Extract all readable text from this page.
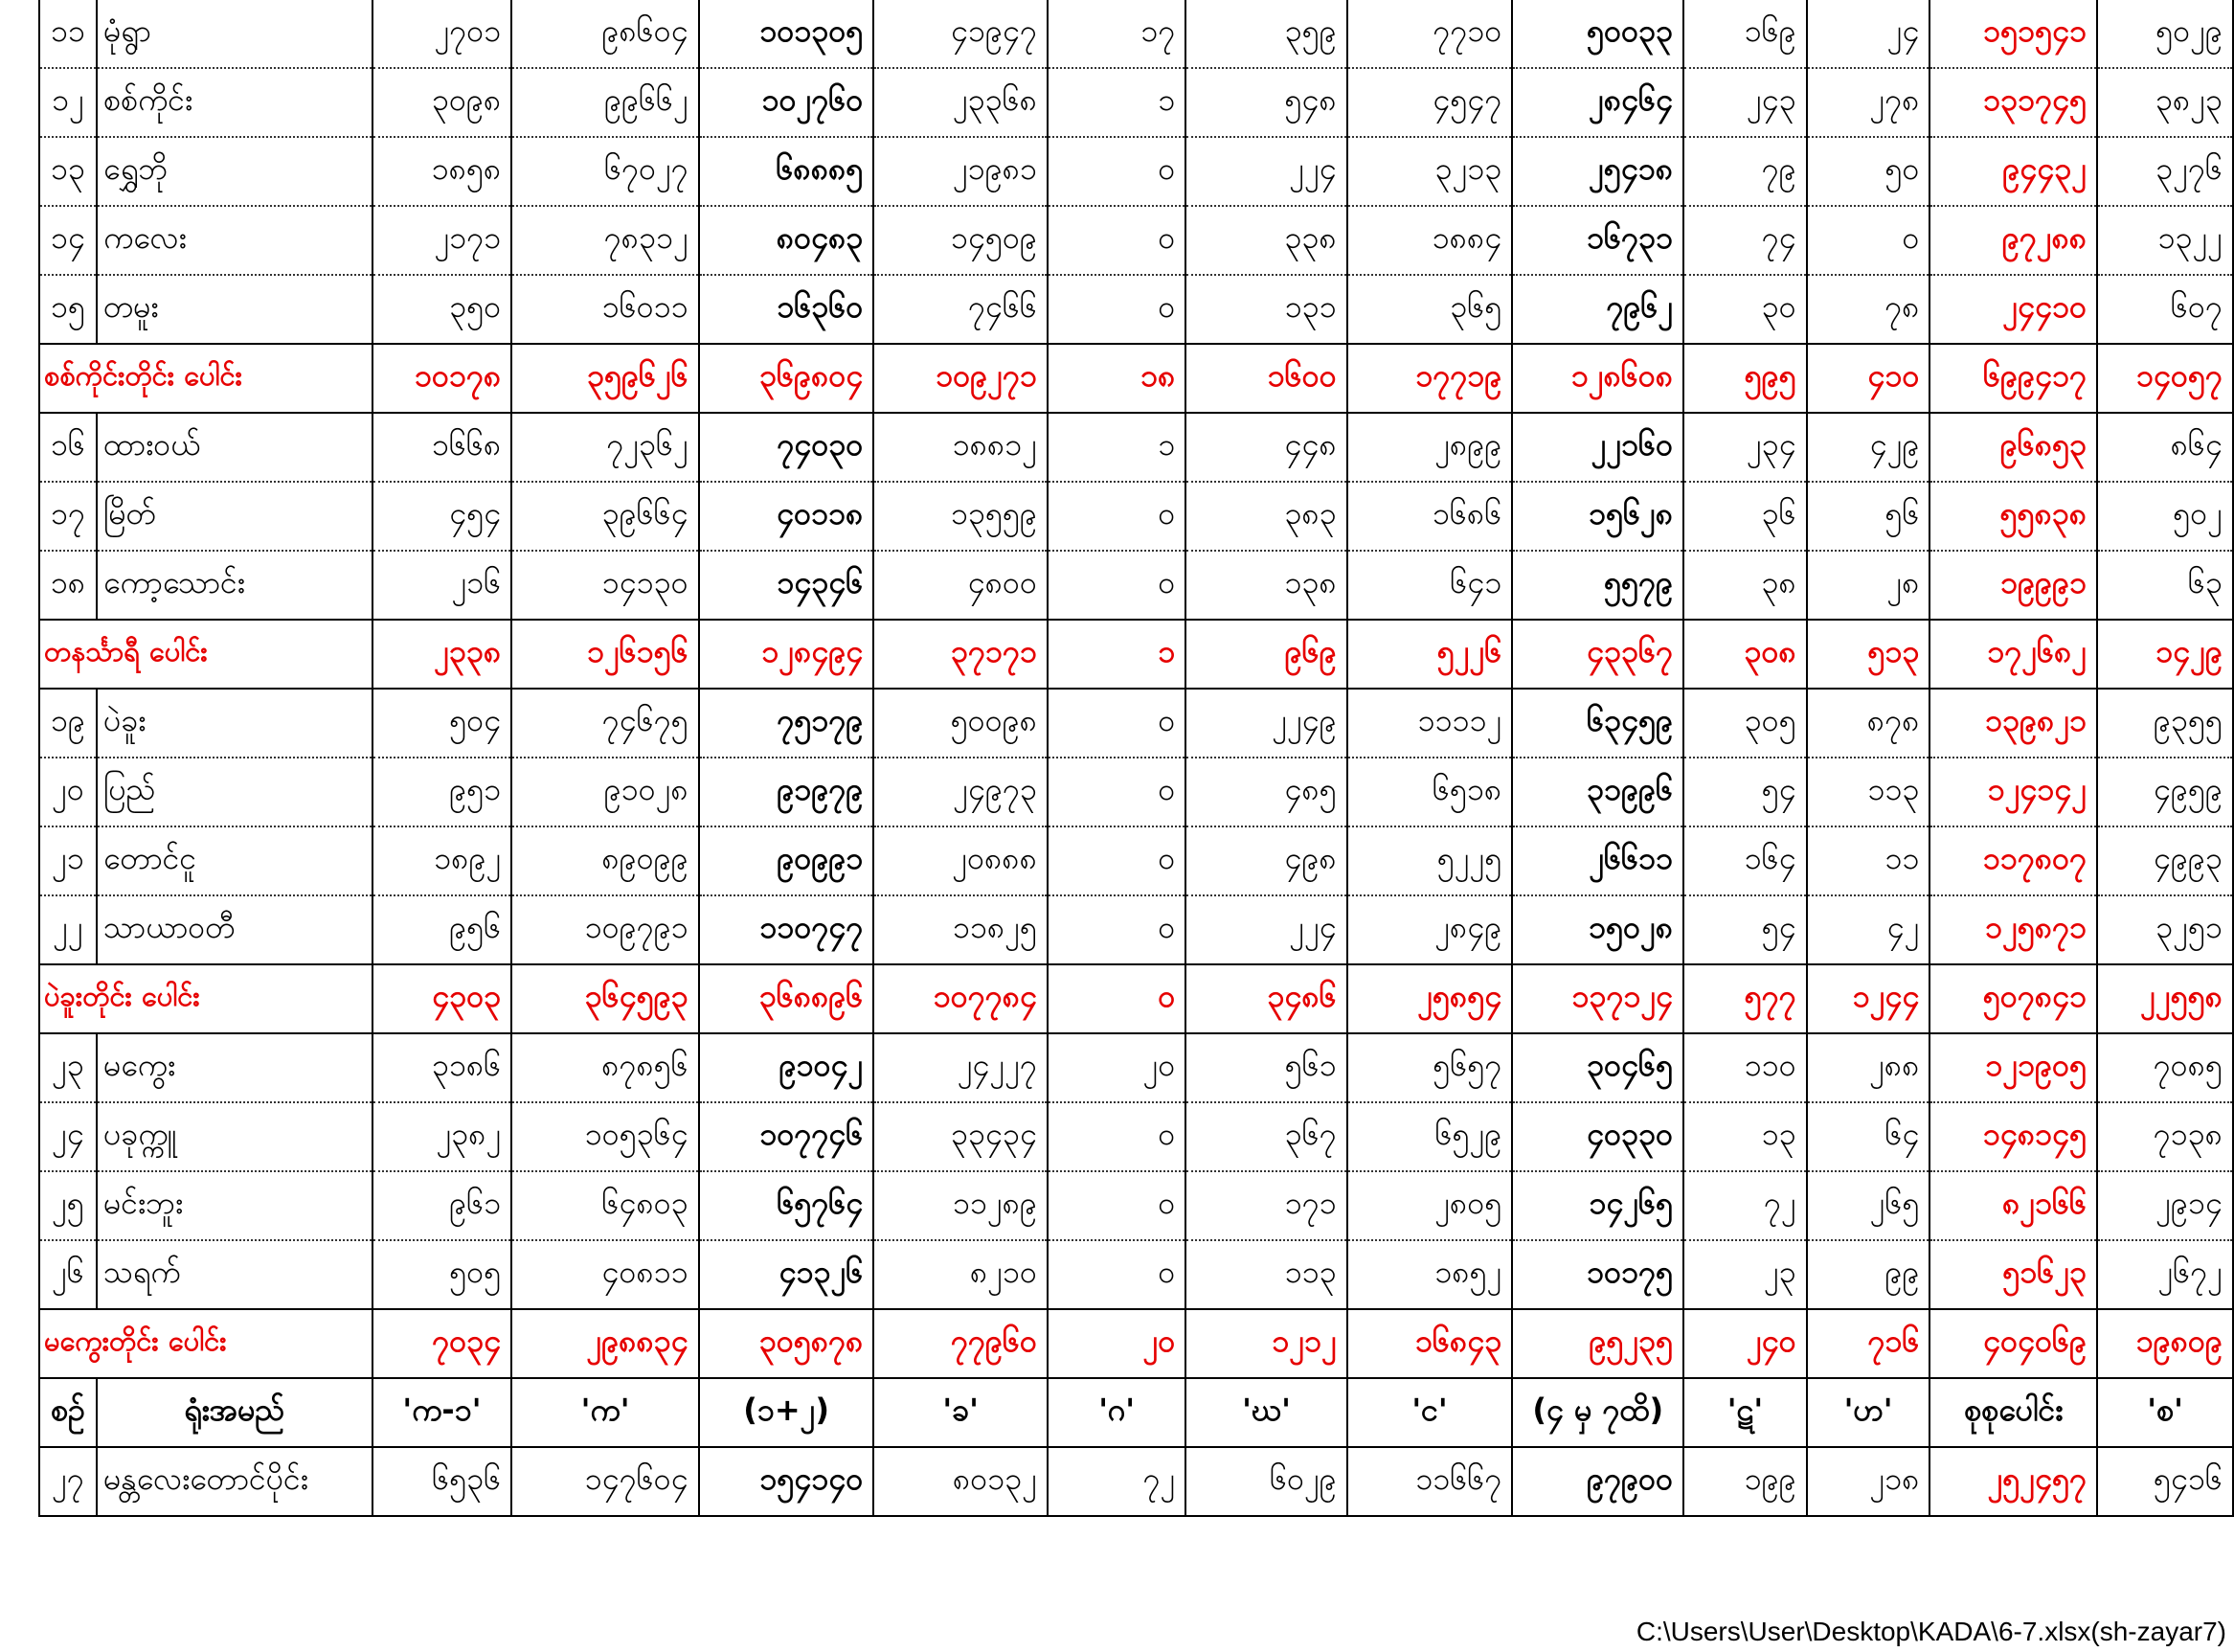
၁၁	မုံရွာ	၂၇၀၁	၉၈၆၀၄	၁၀၁၃၀၅	၄၁၉၄၇	၁၇	၃၅၉	၇၇၁၀	၅၀၀၃၃	၁၆၉	၂၄	၁၅၁၅၄၁	၅၀၂၉
၁၂	စစ်ကိုင်း	၃၀၉၈	၉၉၆၆၂	၁၀၂၇၆၀	၂၃၃၆၈	၁	၅၄၈	၄၅၄၇	၂၈၄၆၄	၂၄၃	၂၇၈	၁၃၁၇၄၅	၃၈၂၃
၁၃	ရွှေဘို	၁၈၅၈	၆၇၀၂၇	၆၈၈၈၅	၂၁၉၈၁	၀	၂၂၄	၃၂၁၃	၂၅၄၁၈	၇၉	၅၀	၉၄၄၃၂	၃၂၇၆
၁၄	ကလေး	၂၁၇၁	၇၈၃၁၂	၈၀၄၈၃	၁၄၅၀၉	၀	၃၃၈	၁၈၈၄	၁၆၇၃၁	၇၄	၀	၉၇၂၈၈	၁၃၂၂
၁၅	တမူး	၃၅၀	၁၆၀၁၁	၁၆၃၆၀	၇၄၆၆	၀	၁၃၁	၃၆၅	၇၉၆၂	၃၀	၇၈	၂၄၄၁၀	၆၀၇
စစ်ကိုင်းတိုင်း ပေါင်း		၁၀၁၇၈	၃၅၉၆၂၆	၃၆၉၈၀၄	၁၀၉၂၇၁	၁၈	၁၆၀၀	၁၇၇၁၉	၁၂၈၆၀၈	၅၉၅	၄၁၀	၆၉၉၄၁၇	၁၄၀၅၇
၁၆	ထားဝယ်	၁၆၆၈	၇၂၃၆၂	၇၄၀၃၀	၁၈၈၁၂	၁	၄၄၈	၂၈၉၉	၂၂၁၆၀	၂၃၄	၄၂၉	၉၆၈၅၃	၈၆၄
၁၇	မြိတ်	၄၅၄	၃၉၆၆၄	၄၀၁၁၈	၁၃၅၅၉	၀	၃၈၃	၁၆၈၆	၁၅၆၂၈	၃၆	၅၆	၅၅၈၃၈	၅၀၂
၁၈	ကော့သောင်း	၂၁၆	၁၄၁၃၀	၁၄၃၄၆	၄၈၀၀	၀	၁၃၈	၆၄၁	၅၅၇၉	၃၈	၂၈	၁၉၉၉၁	၆၃
တနင်္သာရီ ပေါင်း		၂၃၃၈	၁၂၆၁၅၆	၁၂၈၄၉၄	၃၇၁၇၁	၁	၉၆၉	၅၂၂၆	၄၃၃၆၇	၃၀၈	၅၁၃	၁၇၂၆၈၂	၁၄၂၉
၁၉	ပဲခူး	၅၀၄	၇၄၆၇၅	၇၅၁၇၉	၅၀၀၉၈	၀	၂၂၄၉	၁၁၁၁၂	၆၃၄၅၉	၃၀၅	၈၇၈	၁၃၉၈၂၁	၉၃၅၅
၂၀	ပြည်	၉၅၁	၉၁၀၂၈	၉၁၉၇၉	၂၄၉၇၃	၀	၄၈၅	၆၅၁၈	၃၁၉၉၆	၅၄	၁၁၃	၁၂၄၁၄၂	၄၉၅၉
၂၁	တောင်ငူ	၁၈၉၂	၈၉၀၉၉	၉၀၉၉၁	၂၀၈၈၈	၀	၄၉၈	၅၂၂၅	၂၆၆၁၁	၁၆၄	၁၁	၁၁၇၈၀၇	၄၉၉၃
၂၂	သာယာဝတီ	၉၅၆	၁၀၉၇၉၁	၁၁၀၇၄၇	၁၁၈၂၅	၀	၂၂၄	၂၈၄၉	၁၅၀၂၈	၅၄	၄၂	၁၂၅၈၇၁	၃၂၅၁
ပဲခူးတိုင်း ပေါင်း		၄၃၀၃	၃၆၄၅၉၃	၃၆၈၈၉၆	၁၀၇၇၈၄	၀	၃၄၈၆	၂၅၈၅၄	၁၃၇၁၂၄	၅၇၇	၁၂၄၄	၅၀၇၈၄၁	၂၂၅၅၈
၂၃	မကွေး	၃၁၈၆	၈၇၈၅၆	၉၁၀၄၂	၂၄၂၂၇	၂၀	၅၆၁	၅၆၅၇	၃၀၄၆၅	၁၁၀	၂၈၈	၁၂၁၉၀၅	၇၀၈၅
၂၄	ပခုက္ကူ	၂၃၈၂	၁၀၅၃၆၄	၁၀၇၇၄၆	၃၃၄၃၄	၀	၃၆၇	၆၅၂၉	၄၀၃၃၀	၁၃	၆၄	၁၄၈၁၄၅	၇၁၃၈
၂၅	မင်းဘူး	၉၆၁	၆၄၈၀၃	၆၅၇၆၄	၁၁၂၈၉	၀	၁၇၁	၂၈၀၅	၁၄၂၆၅	၇၂	၂၆၅	၈၂၁၆၆	၂၉၁၄
၂၆	သရက်	၅၀၅	၄၀၈၁၁	၄၁၃၂၆	၈၂၁၀	၀	၁၁၃	၁၈၅၂	၁၀၁၇၅	၂၃	၉၉	၅၁၆၂၃	၂၆၇၂
မကွေးတိုင်း ပေါင်း		၇၀၃၄	၂၉၈၈၃၄	၃၀၅၈၇၈	၇၇၉၆၀	၂၀	၁၂၁၂	၁၆၈၄၃	၉၅၂၃၅	၂၄၀	၇၁၆	၄၀၄၀၆၉	၁၉၈၀၉
စဉ်	ရုံးအမည်	'က-၁'	'က'	(၁+၂)	'ခ'	'ဂ'	'ဃ'	'င'	(၄ မှ ၇ထိ)	'ဋ'	'ဟ'	စုစုပေါင်း	'စ'
၂၇	မန္တလေးတောင်ပိုင်း	၆၅၃၆	၁၄၇၆၀၄	၁၅၄၁၄၀	၈၀၁၃၂	၇၂	၆၀၂၉	၁၁၆၆၇	၉၇၉၀၀	၁၉၉	၂၁၈	၂၅၂၄၅၇	၅၄၁၆
C:\Users\User\Desktop\KADA\6-7.xlsx(sh-zayar7)
